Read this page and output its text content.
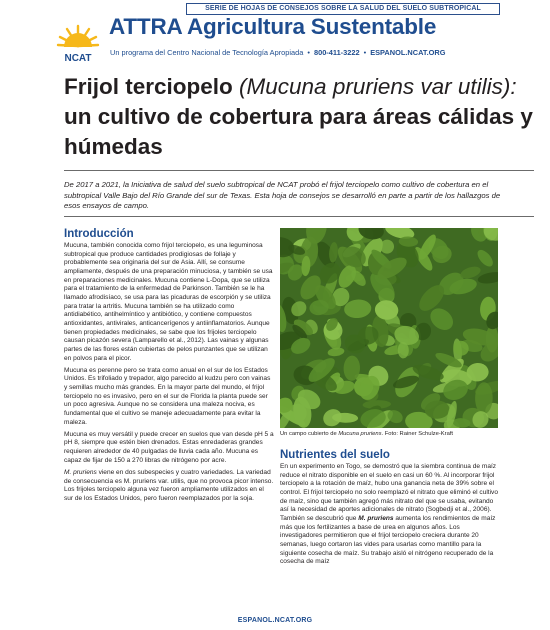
SERIE DE HOJAS DE CONSEJOS SOBRE LA SALUD DEL SUELO SUBTROPICAL
NCAT
ATTRA Agricultura Sustentable
Un programa del Centro Nacional de Tecnología Apropiada • 800-411-3222 • ESPANOL.NCAT.ORG
Frijol terciopelo (Mucuna pruriens var utilis): un cultivo de cobertura para áreas cálidas y húmedas

De 2017 a 2021, la Iniciativa de salud del suelo subtropical de NCAT probó el frijol terciopelo como cultivo de cobertura en el subtropical Valle Bajo del Río Grande del sur de Texas. Esta hoja de consejos se desarrolló en parte a partir de los hallazgos de esos ensayos de campo.

Introducción

Mucuna, también conocida como frijol terciopelo, es una leguminosa subtropical que produce cantidades prodigiosas de follaje y probablemente sea originaria del sur de Asia. Allí, se consume ampliamente, después de una preparación minuciosa, y también se usa en preparaciones medicinales. Mucuna contiene L-Dopa, que se utiliza para el tratamiento de la enfermedad de Parkinson. También se le ha llamado afrodisíaco, se usa para las picaduras de escorpión y se utiliza para tratar la artritis. Mucuna también se ha utilizado como antidiabético, antihelmíntico y antibiótico, y contiene compuestos antioxidantes, antivirales, anticancerígenos y antiinflamatorios. Aunque tienen propiedades medicinales, se sabe que los frijoles terciopelo causan picazón severa (Lamparello et al., 2012). Las vainas y algunas partes de las flores están cubiertas de pelos punzantes que se utilizan en polvos para el picor.

Mucuna es perenne pero se trata como anual en el sur de los Estados Unidos. Es trifoliado y trepador, algo parecido al kudzu pero con vainas y semillas mucho más grandes. En la mayor parte del mundo, el frijol terciopelo no es invasivo, pero en el sur de Florida la planta puede ser un poco agresiva. Aunque no se considera una maleza nociva, es fundamental que el cultivo se maneje adecuadamente para evitar la maleza.

Mucuna es muy versátil y puede crecer en suelos que van desde pH 5 a pH 8, siempre que estén bien drenados. Estas enredaderas grandes requieren alrededor de 40 pulgadas de lluvia cada año. Mucuna es capaz de fijar de 150 a 270 libras de nitrógeno por acre.

M. pruriens viene en dos subespecies y cuatro variedades. La variedad de consecuencia es M. pruriens var. utilis, que no provoca picor intenso. Los frijoles terciopelo alguna vez fueron ampliamente utilizados en el sur de los Estados Unidos, pero fueron reemplazados por la soja.

Un campo cubierto de Mucuna pruriens. Foto: Rainer Schulze-Kraft
Nutrientes del suelo

En un experimento en Togo, se demostró que la siembra continua de maíz reduce el nitrato disponible en el suelo en casi un 60 %. Al incorporar frijol terciopelo a la rotación de maíz, hubo una ganancia neta de 39% sobre el control. El frijol terciopelo no solo reemplazó el nitrato que eliminó el cultivo de maíz, sino que también agregó más nitrato del que se usaba, evitando así la necesidad de aportes adicionales de nitrato (Sogbedji et al., 2006). También se descubrió que M. pruriens aumenta los rendimientos de maíz más que los fertilizantes a base de urea en algunos años. Los investigadores permitieron que el frijol terciopelo creciera durante 20 semanas, luego cortaron las vides para usarlas como mantillo para la siguiente cosecha de maíz. Su trabajo aisló el nitrógeno recuperado de la cosecha de maíz

ESPANOL.NCAT.ORG
